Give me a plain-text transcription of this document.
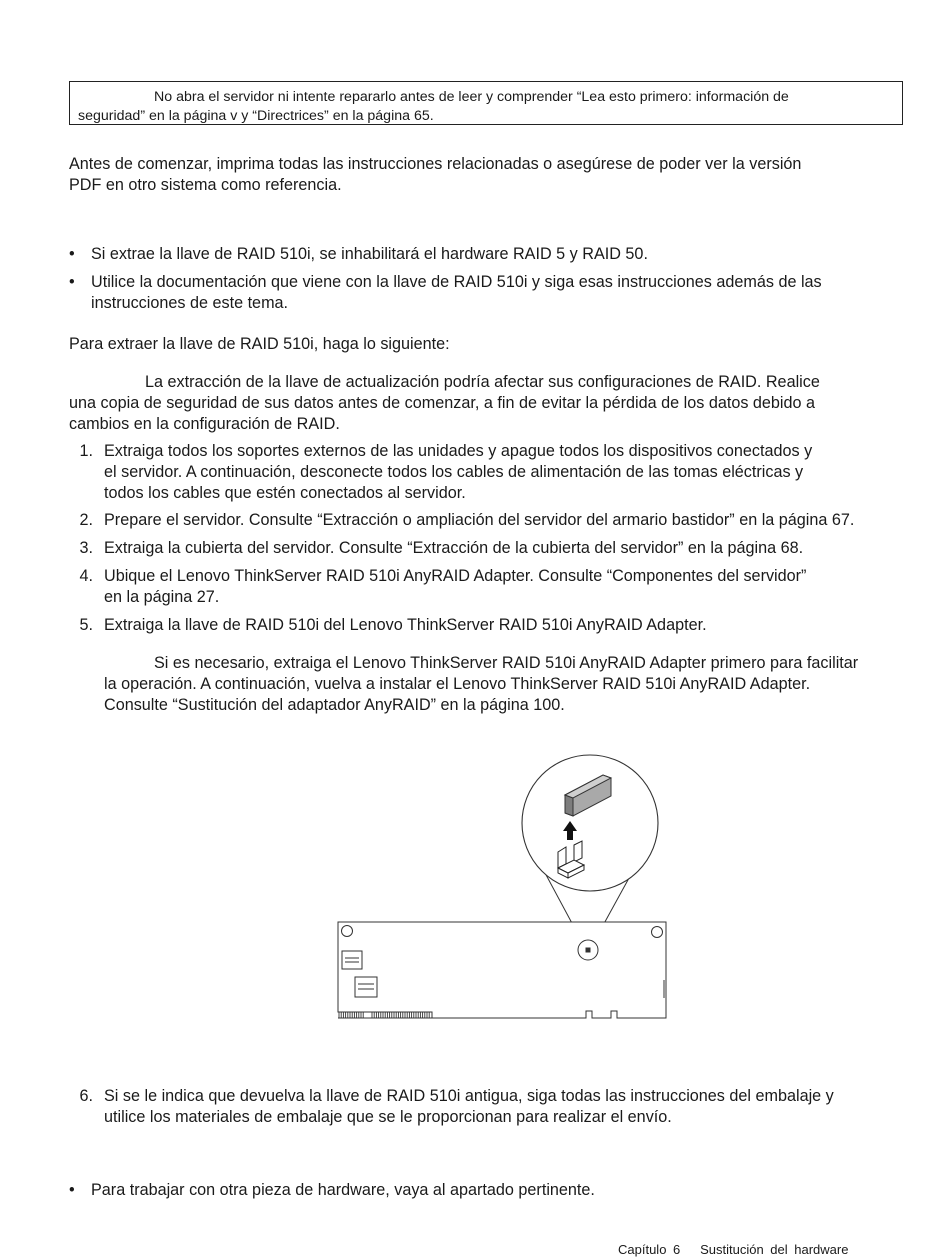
No abra el servidor ni intente repararlo antes de leer y comprender “Lea esto primero: información de

seguridad” en la página v y “Directrices” en la página 65.

Antes de comenzar, imprima todas las instrucciones relacionadas o asegúrese de poder ver la versión

PDF en otro sistema como referencia.

• Si extrae la llave de RAID 510i, se inhabilitará el hardware RAID 5 y RAID 50.
• Utilice la documentación que viene con la llave de RAID 510i y siga esas instrucciones además de las

instrucciones de este tema.

Para extraer la llave de RAID 510i, haga lo siguiente:

La extracción de la llave de actualización podría afectar sus configuraciones de RAID. Realice

una copia de seguridad de sus datos antes de comenzar, a fin de evitar la pérdida de los datos debido a

cambios en la configuración de RAID.

1. Extraiga todos los soportes externos de las unidades y apague todos los dispositivos conectados y

el servidor. A continuación, desconecte todos los cables de alimentación de las tomas eléctricas y

todos los cables que estén conectados al servidor.

2. Prepare el servidor. Consulte “Extracción o ampliación del servidor del armario bastidor” en la página 67.
3. Extraiga la cubierta del servidor. Consulte “Extracción de la cubierta del servidor” en la página 68.
4. Ubique el Lenovo ThinkServer RAID 510i AnyRAID Adapter. Consulte “Componentes del servidor”

en la página 27.

5. Extraiga la llave de RAID 510i del Lenovo ThinkServer RAID 510i AnyRAID Adapter.

Si es necesario, extraiga el Lenovo ThinkServer RAID 510i AnyRAID Adapter primero para facilitar

la operación. A continuación, vuelva a instalar el Lenovo ThinkServer RAID 510i AnyRAID Adapter.

Consulte “Sustitución del adaptador AnyRAID” en la página 100.

6. Si se le indica que devuelva la llave de RAID 510i antigua, siga todas las instrucciones del embalaje y

utilice los materiales de embalaje que se le proporcionan para realizar el envío.

• Para trabajar con otra pieza de hardware, vaya al apartado pertinente.
Capítulo 6 Sustitución del hardware
